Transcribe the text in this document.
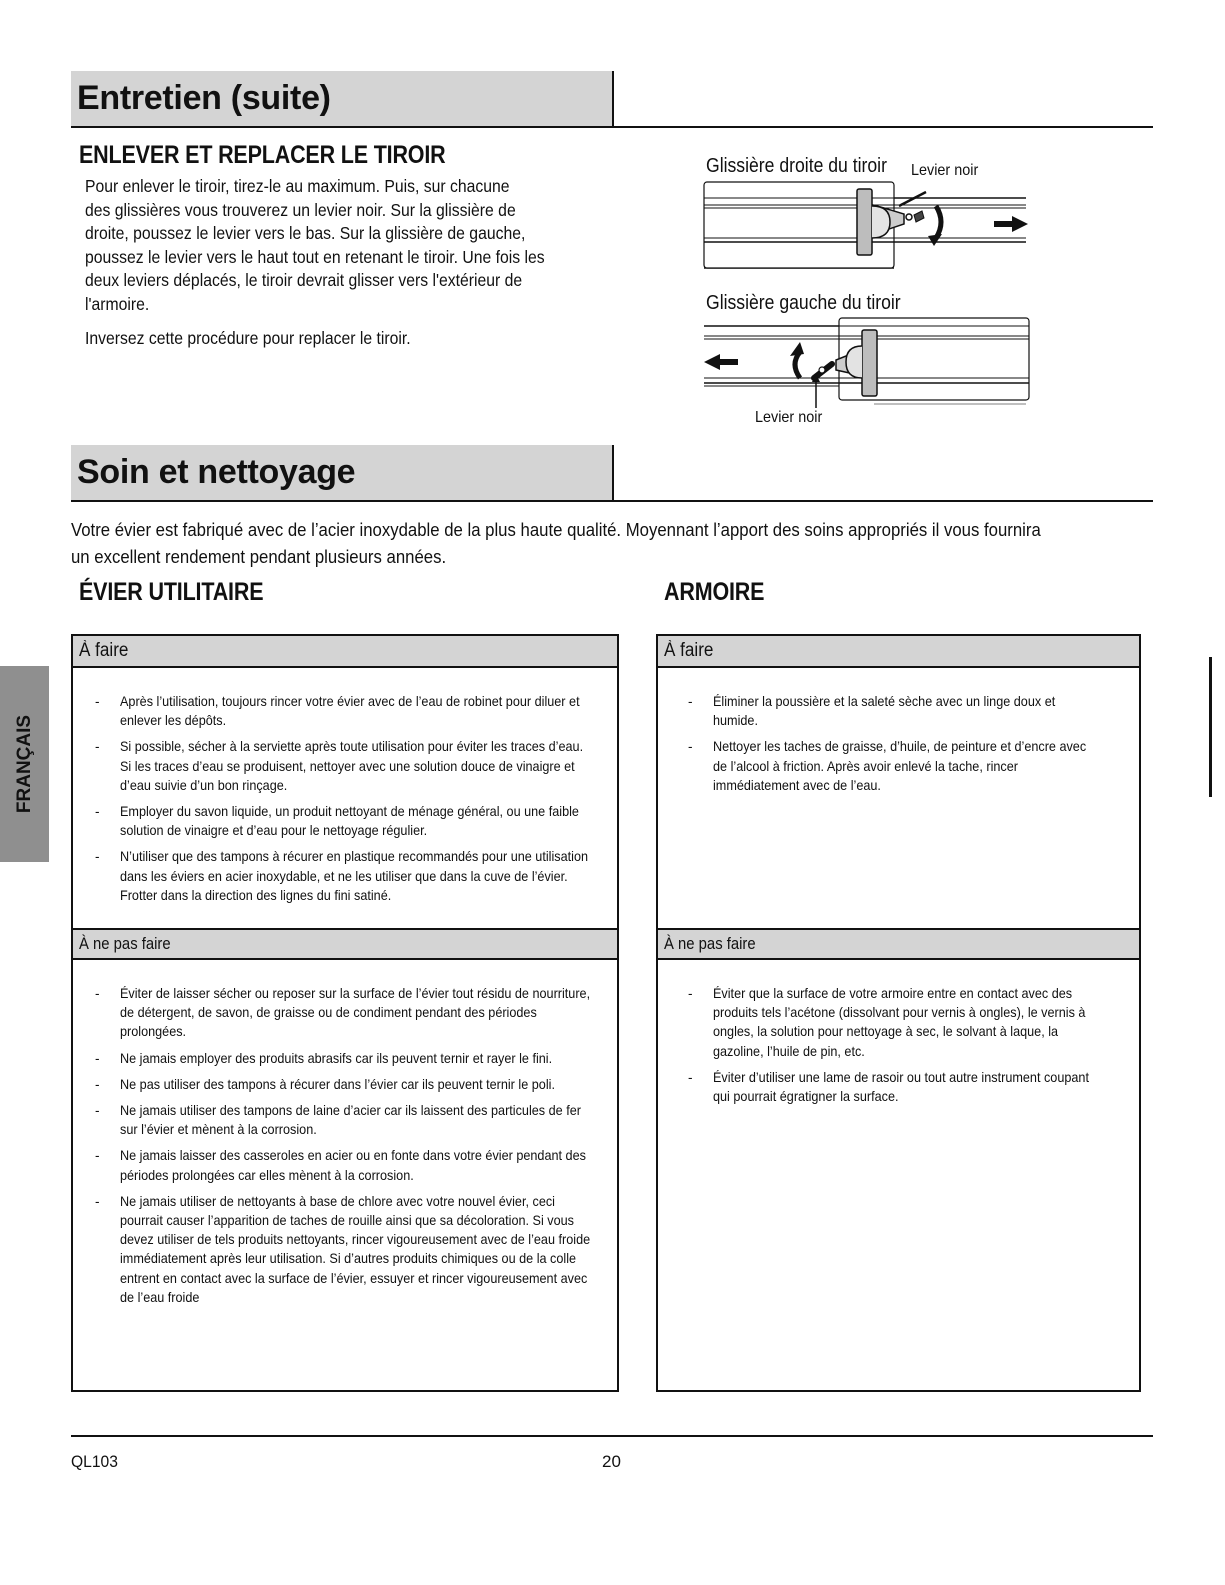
Entretien (suite)
ENLEVER ET REPLACER LE TIROIR
Pour enlever le tiroir, tirez-le au maximum. Puis, sur chacune
des glissières vous trouverez un levier noir. Sur la glissière de
droite, poussez le levier vers le bas. Sur la glissière de gauche,
poussez le levier vers le haut tout en retenant le tiroir. Une fois les
deux leviers déplacés, le tiroir devrait glisser vers l'extérieur de
l'armoire.
Inversez cette procédure pour replacer le tiroir.
Glissière droite du tiroir Levier noir
Glissière gauche du tiroir
Levier noir
Soin et nettoyage
Votre évier est fabriqué avec de l’acier inoxydable de la plus haute qualité. Moyennant l’apport des soins appropriés il vous fournira
un excellent rendement pendant plusieurs années.
ÉVIER UTILITAIRE	ARMOIRE
À faire
- Après l’utilisation, toujours rincer votre évier avec de l’eau de robinet pour diluer et enlever les dépôts.
- Si possible, sécher à la serviette après toute utilisation pour éviter les traces d’eau. Si les traces d’eau se produisent, nettoyer avec une solution douce de vinaigre et d’eau suivie d’un bon rinçage.
- Employer du savon liquide, un produit nettoyant de ménage général, ou une faible solution de vinaigre et d’eau pour le nettoyage régulier.
- N’utiliser que des tampons à récurer en plastique recommandés pour une utilisation dans les éviers en acier inoxydable, et ne les utiliser que dans la cuve de l’évier. Frotter dans la direction des lignes du fini satiné.
À ne pas faire
- Éviter de laisser sécher ou reposer sur la surface de l’évier tout résidu de nourriture, de détergent, de savon, de graisse ou de condiment pendant des périodes prolongées.
- Ne jamais employer des produits abrasifs car ils peuvent ternir et rayer le fini.
- Ne pas utiliser des tampons à récurer dans l’évier car ils peuvent ternir le poli.
- Ne jamais utiliser des tampons de laine d’acier car ils laissent des particules de fer sur l’évier et mènent à la corrosion.
- Ne jamais laisser des casseroles en acier ou en fonte dans votre évier pendant des périodes prolongées car elles mènent à la corrosion.
- Ne jamais utiliser de nettoyants à base de chlore avec votre nouvel évier, ceci pourrait causer l’apparition de taches de rouille ainsi que sa décoloration. Si vous devez utiliser de tels produits nettoyants, rincer vigoureusement avec de l’eau froide immédiatement après leur utilisation. Si d’autres produits chimiques ou de la colle entrent en contact avec la surface de l’évier, essuyer et rincer vigoureusement avec de l’eau froide
À faire
- Éliminer la poussière et la saleté sèche avec un linge doux et humide.
- Nettoyer les taches de graisse, d’huile, de peinture et d’encre avec de l’alcool à friction. Après avoir enlevé la tache, rincer immédiatement avec de l’eau.
À ne pas faire
- Éviter que la surface de votre armoire entre en contact avec des produits tels l’acétone (dissolvant pour vernis à ongles), le vernis à ongles, la solution pour nettoyage à sec, le solvant à laque, la gazoline, l’huile de pin, etc.
- Éviter d’utiliser une lame de rasoir ou tout autre instrument coupant qui pourrait égratigner la surface.
FRANÇAIS
QL103	20
